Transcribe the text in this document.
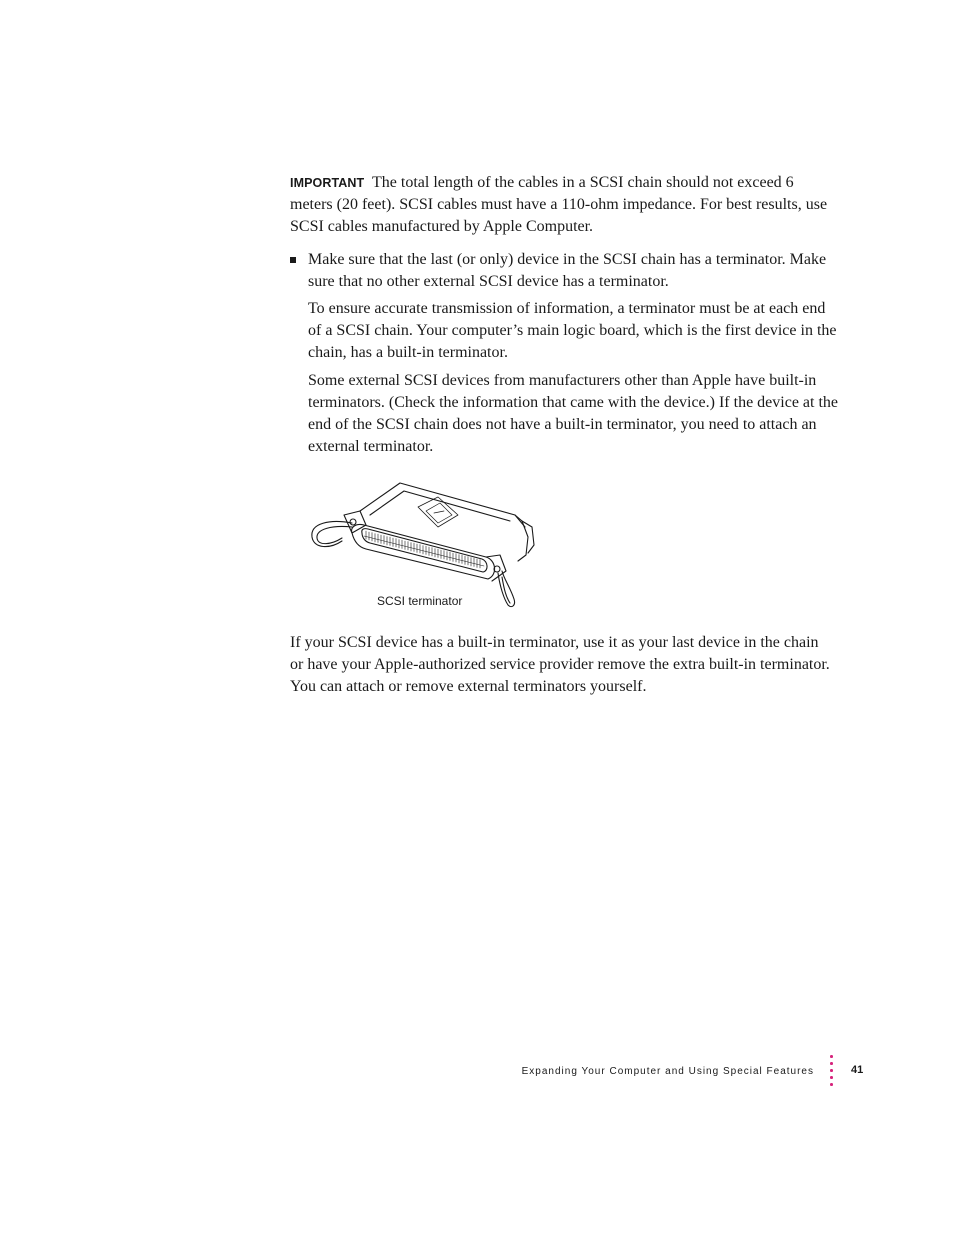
IMPORTANT The total length of the cables in a SCSI chain should not exceed 6 meters (20 feet). SCSI cables must have a 110-ohm impedance. For best results, use SCSI cables manufactured by Apple Computer.
Make sure that the last (or only) device in the SCSI chain has a terminator. Make sure that no other external SCSI device has a terminator.
To ensure accurate transmission of information, a terminator must be at each end of a SCSI chain. Your computer’s main logic board, which is the first device in the chain, has a built-in terminator.
Some external SCSI devices from manufacturers other than Apple have built-in terminators. (Check the information that came with the device.) If the device at the end of the SCSI chain does not have a built-in terminator, you need to attach an external terminator.
SCSI terminator
If your SCSI device has a built-in terminator, use it as your last device in the chain or have your Apple-authorized service provider remove the extra built-in terminator. You can attach or remove external terminators yourself.
Expanding Your Computer and Using Special Features	41
